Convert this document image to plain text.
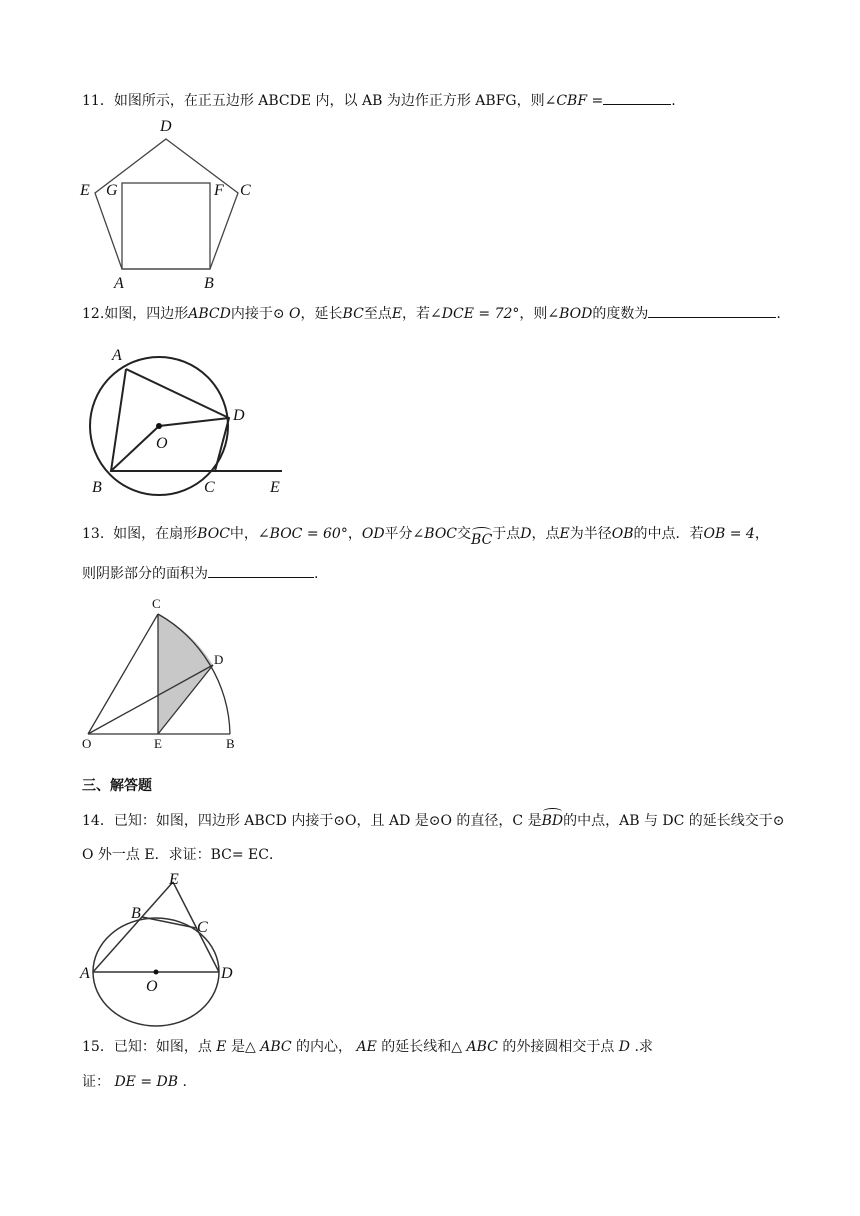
11．如图所示，在正五边形 ABCDE 内，以 AB 为边作正方形 ABFG，则∠CBF =	.
D
E G	F C
A	B
12.如图，四边形ABCD内接于⊙ O，延长BC至点E，若∠DCE = 72°，则∠BOD的度数为	.
A
D
O
B	C	E
13. 如图，在扇形BOC中，∠BOC = 60°，OD平分∠BOC交BC于点D，点E为半径OB的中点．若OB = 4，
则阴影部分的面积为	.
C
D
O	E	B
三、解答题
14．已知：如图，四边形 ABCD 内接于⊙O，且 AD 是⊙O 的直径，C 是BD的中点，AB 与 DC 的延长线交于⊙
O 外一点 E．求证：BC= EC．
E
B
C
A
O
D
15．已知：如图，点 E 是△ ABC 的内心， AE 的延长线和△ ABC 的外接圆相交于点 D .求
证： DE = DB .
